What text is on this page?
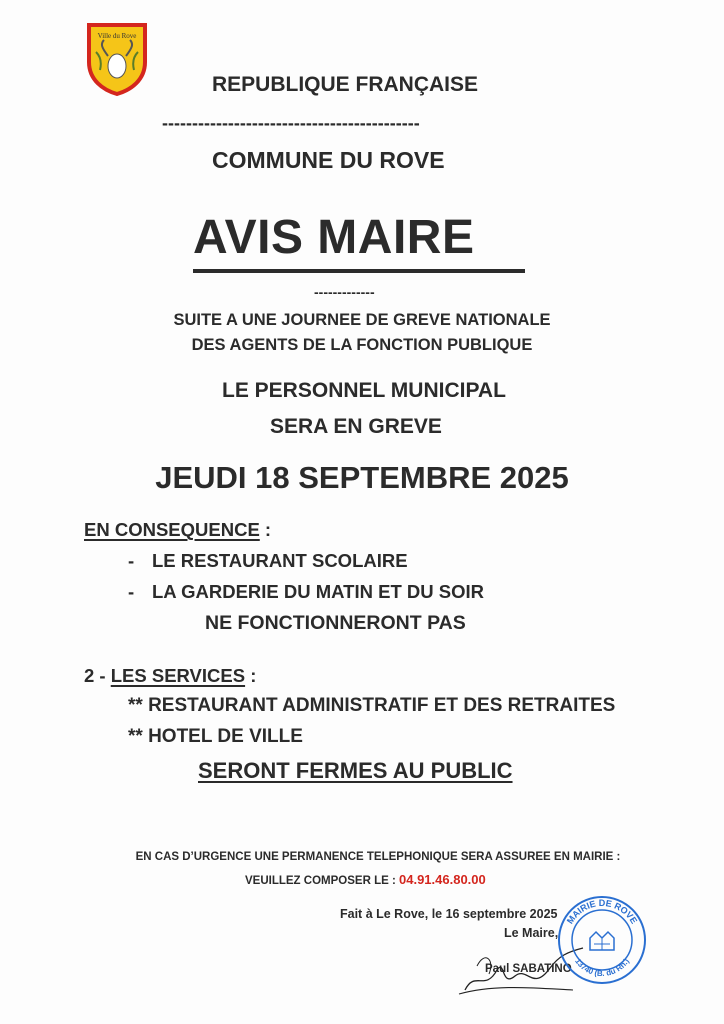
Ville du Rove
REPUBLIQUE FRANÇAISE
-------------------------------------------
COMMUNE DU ROVE
AVIS MAIRE
-------------
SUITE A UNE JOURNEE DE GREVE NATIONALE
DES AGENTS DE LA FONCTION PUBLIQUE
LE PERSONNEL MUNICIPAL
SERA EN GREVE
JEUDI 18 SEPTEMBRE 2025
EN CONSEQUENCE :
- LE RESTAURANT SCOLAIRE
- LA GARDERIE DU MATIN ET DU SOIR
NE FONCTIONNERONT PAS
2 - LES SERVICES :
** RESTAURANT ADMINISTRATIF ET DES RETRAITES
** HOTEL DE VILLE
SERONT FERMES AU PUBLIC
EN CAS D’URGENCE UNE PERMANENCE TELEPHONIQUE SERA ASSUREE EN MAIRIE :
VEUILLEZ COMPOSER LE : 04.91.46.80.00
Fait à Le Rove, le 16 septembre 2025
Le Maire,
Paul SABATINO
MAIRIE DE ROVE
13740 (B. du Rh.)
